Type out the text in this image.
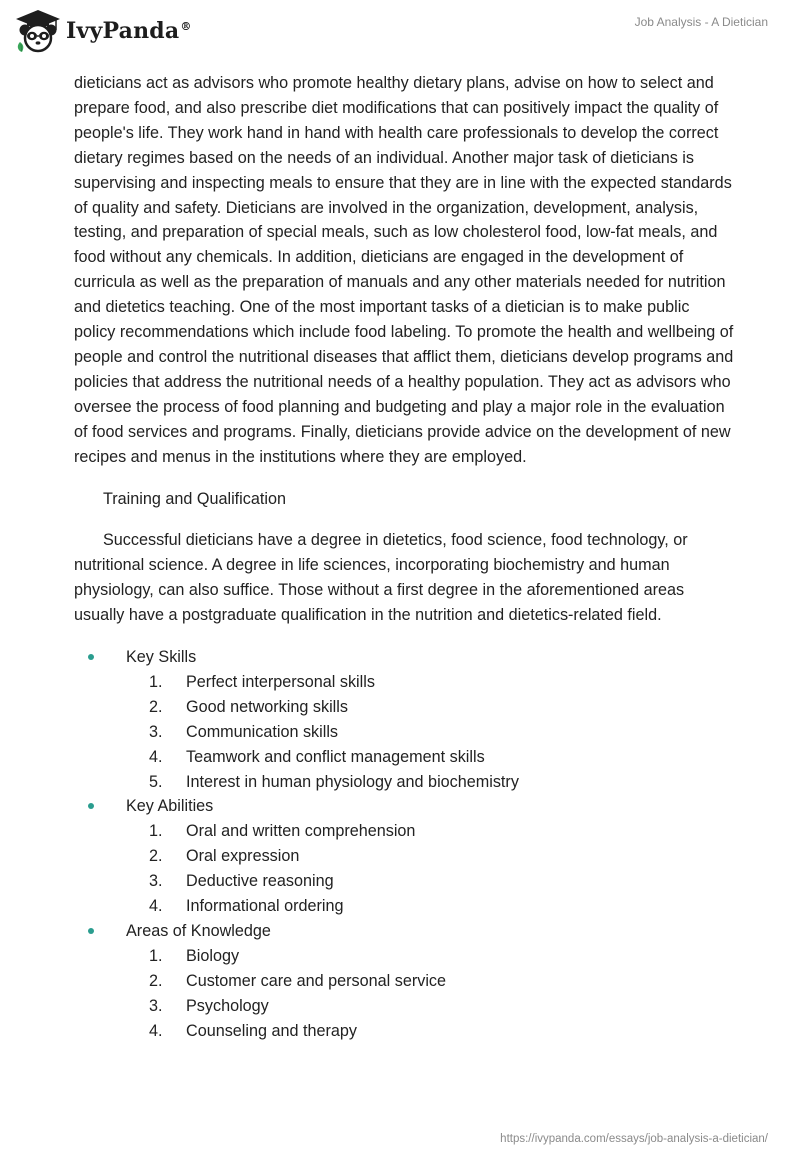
IvyPanda®	Job Analysis - A Dietician

dieticians act as advisors who promote healthy dietary plans, advise on how to select and prepare food, and also prescribe diet modifications that can positively impact the quality of people's life. They work hand in hand with health care professionals to develop the correct dietary regimes based on the needs of an individual. Another major task of dieticians is supervising and inspecting meals to ensure that they are in line with the expected standards of quality and safety. Dieticians are involved in the organization, development, analysis, testing, and preparation of special meals, such as low cholesterol food, low-fat meals, and food without any chemicals. In addition, dieticians are engaged in the development of curricula as well as the preparation of manuals and any other materials needed for nutrition and dietetics teaching. One of the most important tasks of a dietician is to make public policy recommendations which include food labeling. To promote the health and wellbeing of people and control the nutritional diseases that afflict them, dieticians develop programs and policies that address the nutritional needs of a healthy population. They act as advisors who oversee the process of food planning and budgeting and play a major role in the evaluation of food services and programs. Finally, dieticians provide advice on the development of new recipes and menus in the institutions where they are employed.

Training and Qualification

Successful dieticians have a degree in dietetics, food science, food technology, or nutritional science. A degree in life sciences, incorporating biochemistry and human physiology, can also suffice. Those without a first degree in the aforementioned areas usually have a postgraduate qualification in the nutrition and dietetics-related field.

Key Skills
1.	Perfect interpersonal skills
2.	Good networking skills
3.	Communication skills
4.	Teamwork and conflict management skills
5.	Interest in human physiology and biochemistry
Key Abilities
1.	Oral and written comprehension
2.	Oral expression
3.	Deductive reasoning
4.	Informational ordering
Areas of Knowledge
1.	Biology
2.	Customer care and personal service
3.	Psychology
4.	Counseling and therapy
https://ivypanda.com/essays/job-analysis-a-dietician/
